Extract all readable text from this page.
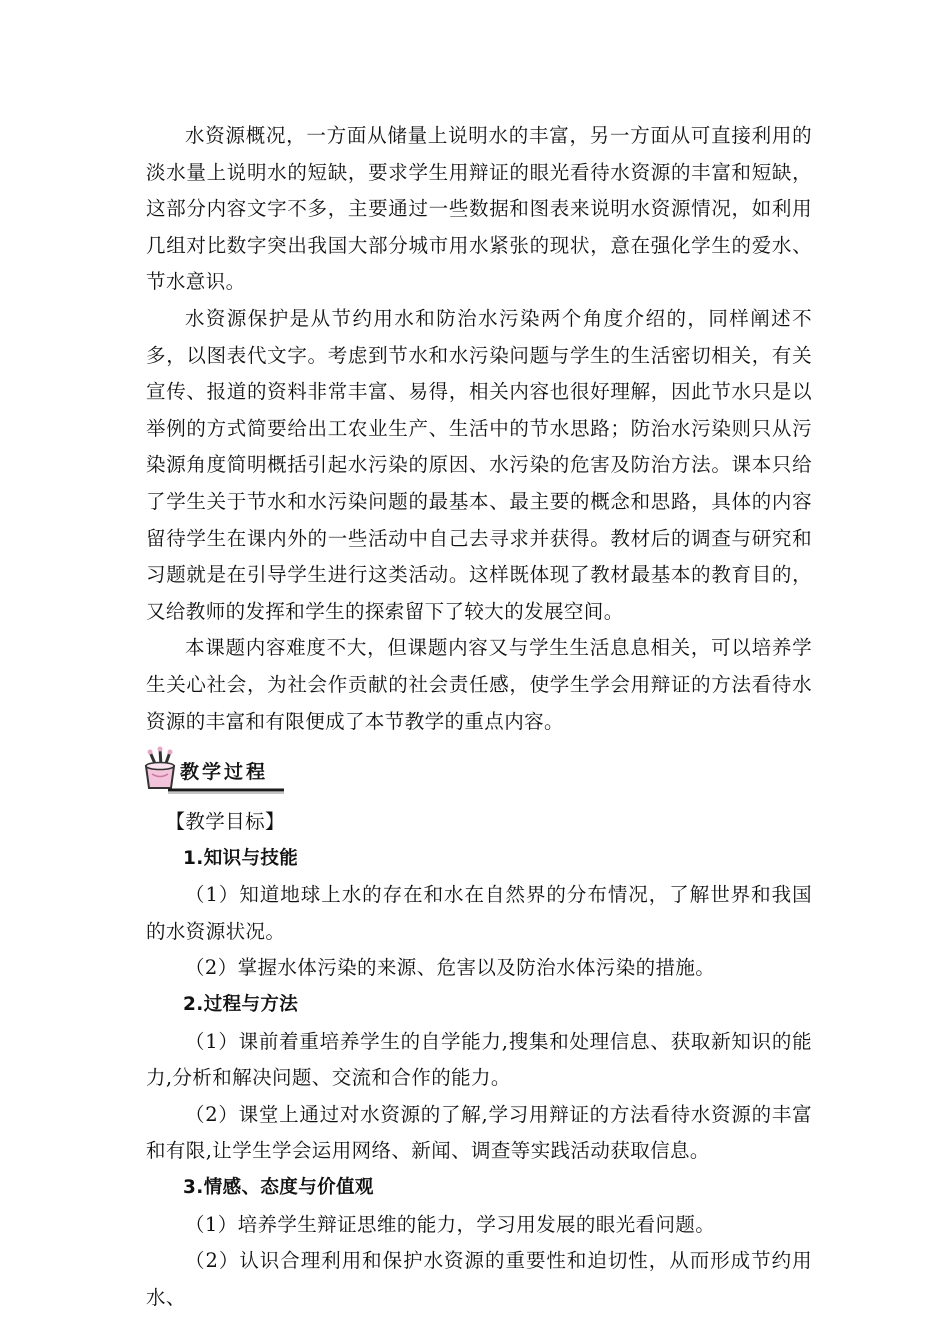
水资源概况，一方面从储量上说明水的丰富，另一方面从可直接利用的淡水量上说明水的短缺，要求学生用辩证的眼光看待水资源的丰富和短缺，这部分内容文字不多，主要通过一些数据和图表来说明水资源情况，如利用几组对比数字突出我国大部分城市用水紧张的现状，意在强化学生的爱水、节水意识。

水资源保护是从节约用水和防治水污染两个角度介绍的，同样阐述不多，以图表代文字。考虑到节水和水污染问题与学生的生活密切相关，有关宣传、报道的资料非常丰富、易得，相关内容也很好理解，因此节水只是以举例的方式简要给出工农业生产、生活中的节水思路；防治水污染则只从污染源角度简明概括引起水污染的原因、水污染的危害及防治方法。课本只给了学生关于节水和水污染问题的最基本、最主要的概念和思路，具体的内容留待学生在课内外的一些活动中自己去寻求并获得。教材后的调查与研究和习题就是在引导学生进行这类活动。这样既体现了教材最基本的教育目的，又给教师的发挥和学生的探索留下了较大的发展空间。

本课题内容难度不大，但课题内容又与学生生活息息相关，可以培养学生关心社会，为社会作贡献的社会责任感，使学生学会用辩证的方法看待水资源的丰富和有限便成了本节教学的重点内容。

教学过程

【教学目标】

1.知识与技能

（1）知道地球上水的存在和水在自然界的分布情况，了解世界和我国的水资源状况。

（2）掌握水体污染的来源、危害以及防治水体污染的措施。

2.过程与方法

（1）课前着重培养学生的自学能力,搜集和处理信息、获取新知识的能力,分析和解决问题、交流和合作的能力。

（2）课堂上通过对水资源的了解,学习用辩证的方法看待水资源的丰富和有限,让学生学会运用网络、新闻、调查等实践活动获取信息。

3.情感、态度与价值观

（1）培养学生辩证思维的能力，学习用发展的眼光看问题。

（2）认识合理利用和保护水资源的重要性和迫切性，从而形成节约用水、
